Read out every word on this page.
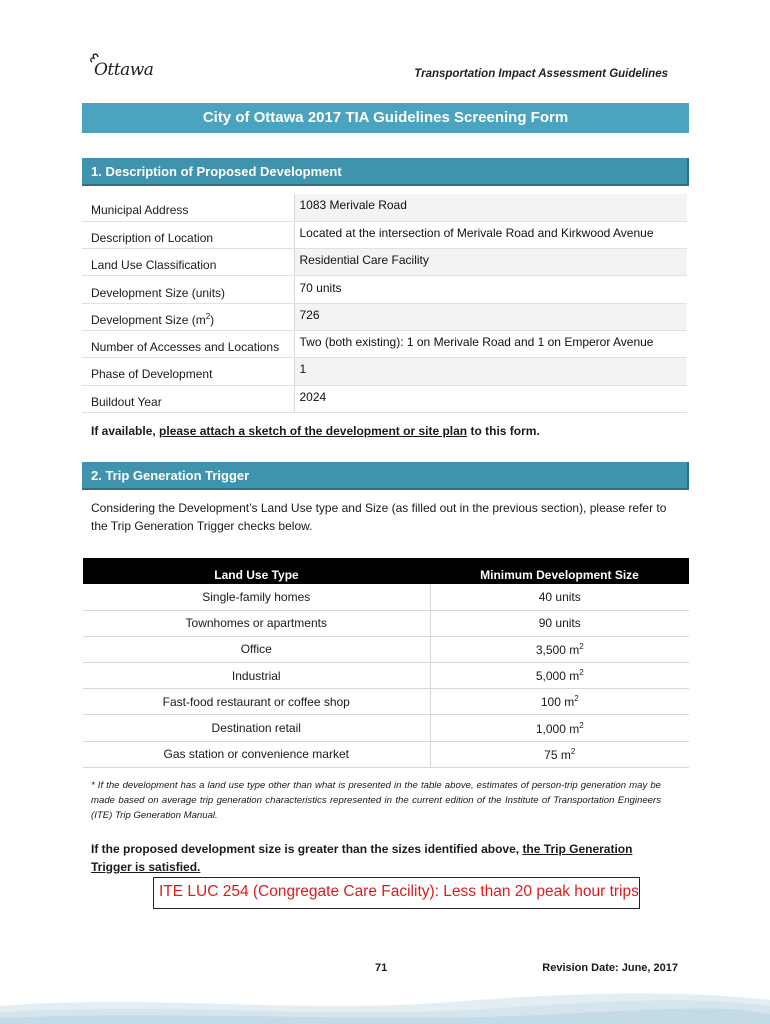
Ottawa	Transportation Impact Assessment Guidelines
City of Ottawa 2017 TIA Guidelines Screening Form
1. Description of Proposed Development
Municipal Address	1083 Merivale Road
Description of Location	Located at the intersection of Merivale Road and Kirkwood Avenue
Land Use Classification	Residential Care Facility
Development Size (units)	70 units
Development Size $(m^2)$	726
Number of Accesses and Locations	Two (both existing): 1 on Merivale Road and 1 on Emperor Avenue
Phase of Development	1
Buildout Year	2024
If available, please attach a sketch of the development or site plan to this form.
2. Trip Generation Trigger
Considering the Development’s Land Use type and Size (as filled out in the previous section), please refer to the Trip Generation Trigger checks below.
Land Use Type	Minimum Development Size
Single-family homes	40 units
Townhomes or apartments	90 units
Office	3,500 $m^2$
Industrial	5,000 $m^2$
Fast-food restaurant or coffee shop	100 $m^2$
Destination retail	1,000 $m^2$
Gas station or convenience market	75 $m^2$
* If the development has a land use type other than what is presented in the table above, estimates of person-trip generation may be made based on average trip generation characteristics represented in the current edition of the Institute of Transportation Engineers (ITE) Trip Generation Manual.
If the proposed development size is greater than the sizes identified above, the Trip Generation Trigger is satisfied.
ITE LUC 254 (Congregate Care Facility): Less than 20 peak hour trips
71	Revision Date: June, 2017
